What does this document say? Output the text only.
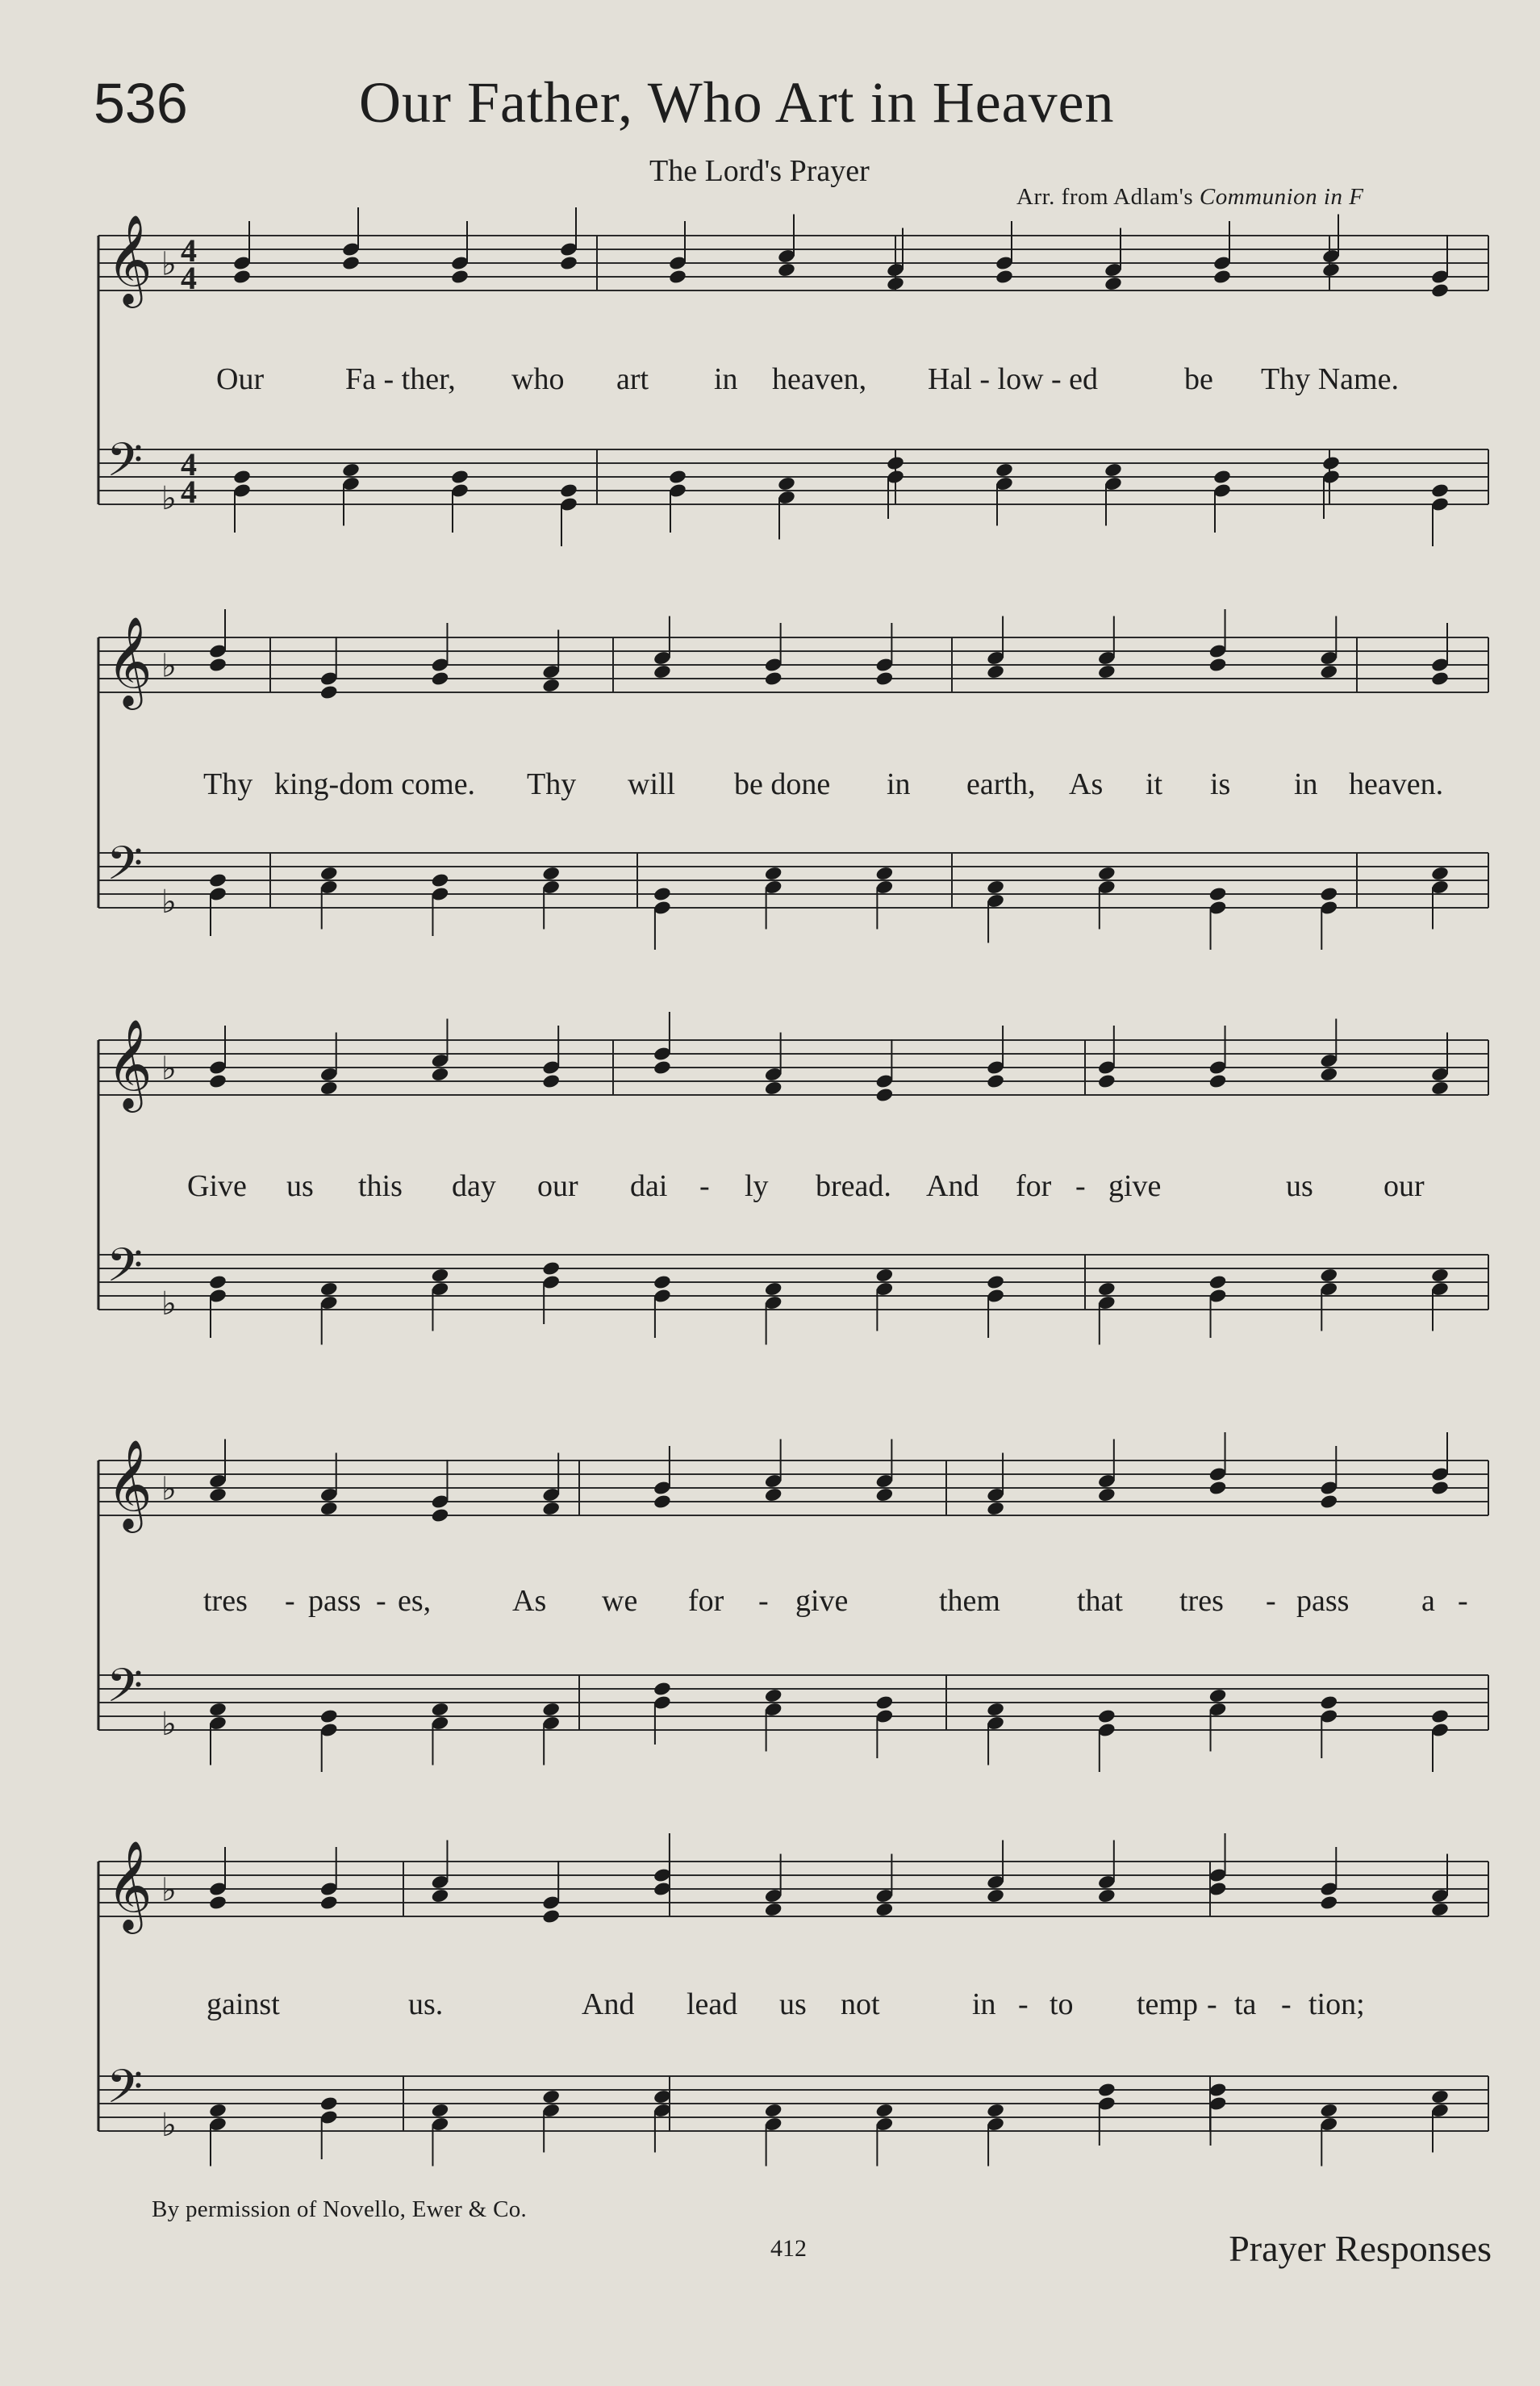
536	Our Father, Who Art in Heaven
The Lord's Prayer
Arr. from Adlam's Communion in F
𝄞 ♭ 4
4
𝄢 ♭
4
4
𝄞 ♭
𝄢 ♭
𝄞 ♭
𝄢 ♭
𝄞 ♭
𝄢 ♭
𝄞 ♭
𝄢 ♭
Our	Fa - ther, who art in heaven, Hal - low - ed	be Thy Name.
Thy king-dom come. Thy will be done in earth, As it is in heaven.
Give us this day our dai - ly bread. And for - give	us our
tres - pass - es,	As we for - give	them	that tres - pass a -
gainst	us.	And lead us not	in - to temp - ta - tion;
By permission of Novello, Ewer & Co.
412	Prayer Responses
